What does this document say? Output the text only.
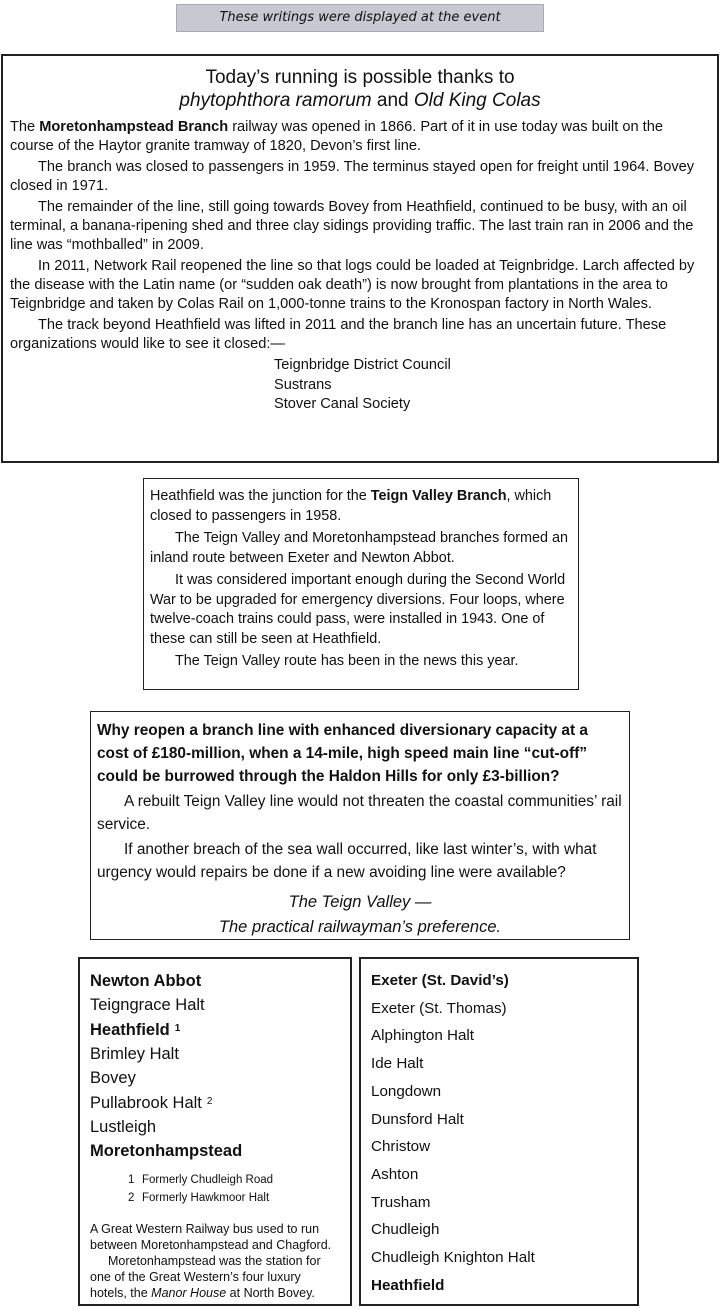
These writings were displayed at the event

Today’s running is possible thanks to

phytophthora ramorum and Old King Colas

The Moretonhampstead Branch railway was opened in 1866. Part of it in use today was built on the course of the Haytor granite tramway of 1820, Devon’s first line.

The branch was closed to passengers in 1959. The terminus stayed open for freight until 1964. Bovey closed in 1971.

The remainder of the line, still going towards Bovey from Heathfield, continued to be busy, with an oil terminal, a banana-ripening shed and three clay sidings providing traffic. The last train ran in 2006 and the line was “mothballed” in 2009.

In 2011, Network Rail reopened the line so that logs could be loaded at Teignbridge. Larch affected by the disease with the Latin name (or “sudden oak death”) is now brought from plantations in the area to Teignbridge and taken by Colas Rail on 1,000-tonne trains to the Kronospan factory in North Wales.

The track beyond Heathfield was lifted in 2011 and the branch line has an uncertain future. These organizations would like to see it closed:—

Teignbridge District Council
Sustrans
Stover Canal Society

Heathfield was the junction for the Teign Valley Branch, which closed to passengers in 1958.

The Teign Valley and Moretonhampstead branches formed an inland route between Exeter and Newton Abbot.

It was considered important enough during the Second World War to be upgraded for emergency diversions. Four loops, where twelve-coach trains could pass, were installed in 1943. One of these can still be seen at Heathfield.

The Teign Valley route has been in the news this year.

Why reopen a branch line with enhanced diversionary capacity at a cost of £180-million, when a 14-mile, high speed main line “cut-off” could be burrowed through the Haldon Hills for only £3-billion?

A rebuilt Teign Valley line would not threaten the coastal communities’ rail service.

If another breach of the sea wall occurred, like last winter’s, with what urgency would repairs be done if a new avoiding line were available?

The Teign Valley —
The practical railwayman’s preference.
Newton Abbot
Teigngrace Halt
Heathfield $^1$
Brimley Halt
Bovey
Pullabrook Halt $^2$
Lustleigh
Moretonhampstead
1 Formerly Chudleigh Road
2 Formerly Hawkmoor Halt
A Great Western Railway bus used to run between Moretonhampstead and Chagford.
Moretonhampstead was the station for one of the Great Western’s four luxury hotels, the Manor House at North Bovey.
Exeter (St. David’s)
Exeter (St. Thomas)
Alphington Halt
Ide Halt
Longdown
Dunsford Halt
Christow
Ashton
Trusham
Chudleigh
Chudleigh Knighton Halt
Heathfield
